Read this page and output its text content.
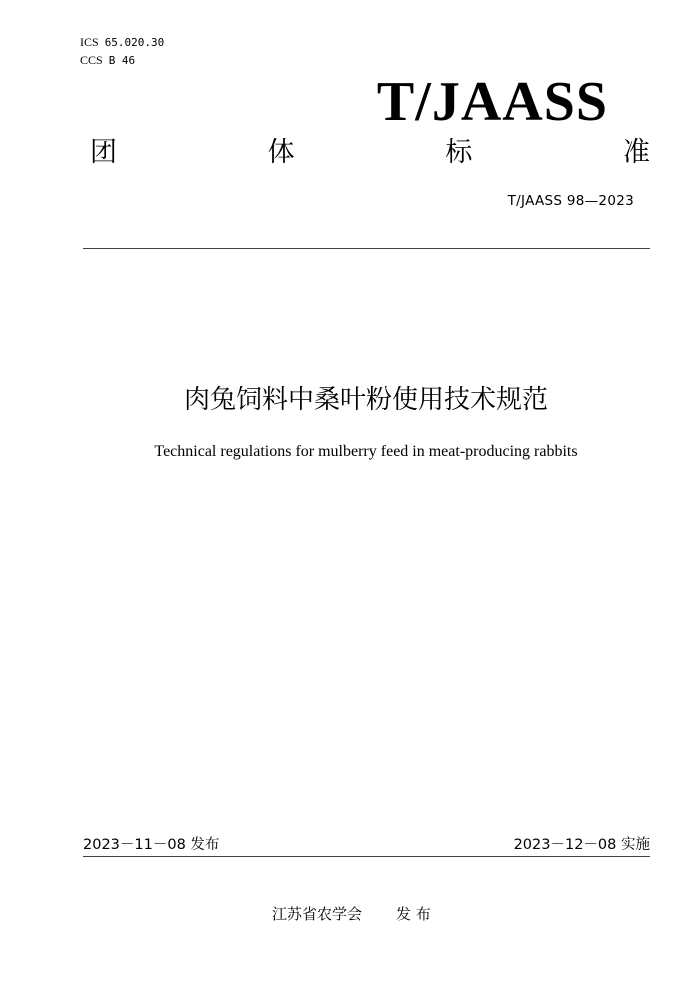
ICS 65.020.30
CCS B 46
T/JAASS
团	体	标	准
T/JAASS 98—2023
肉兔饲料中桑叶粉使用技术规范
Technical regulations for mulberry feed in meat-producing rabbits
2023－11－08 发布	2023－12－08 实施
江苏省农学会 发 布
